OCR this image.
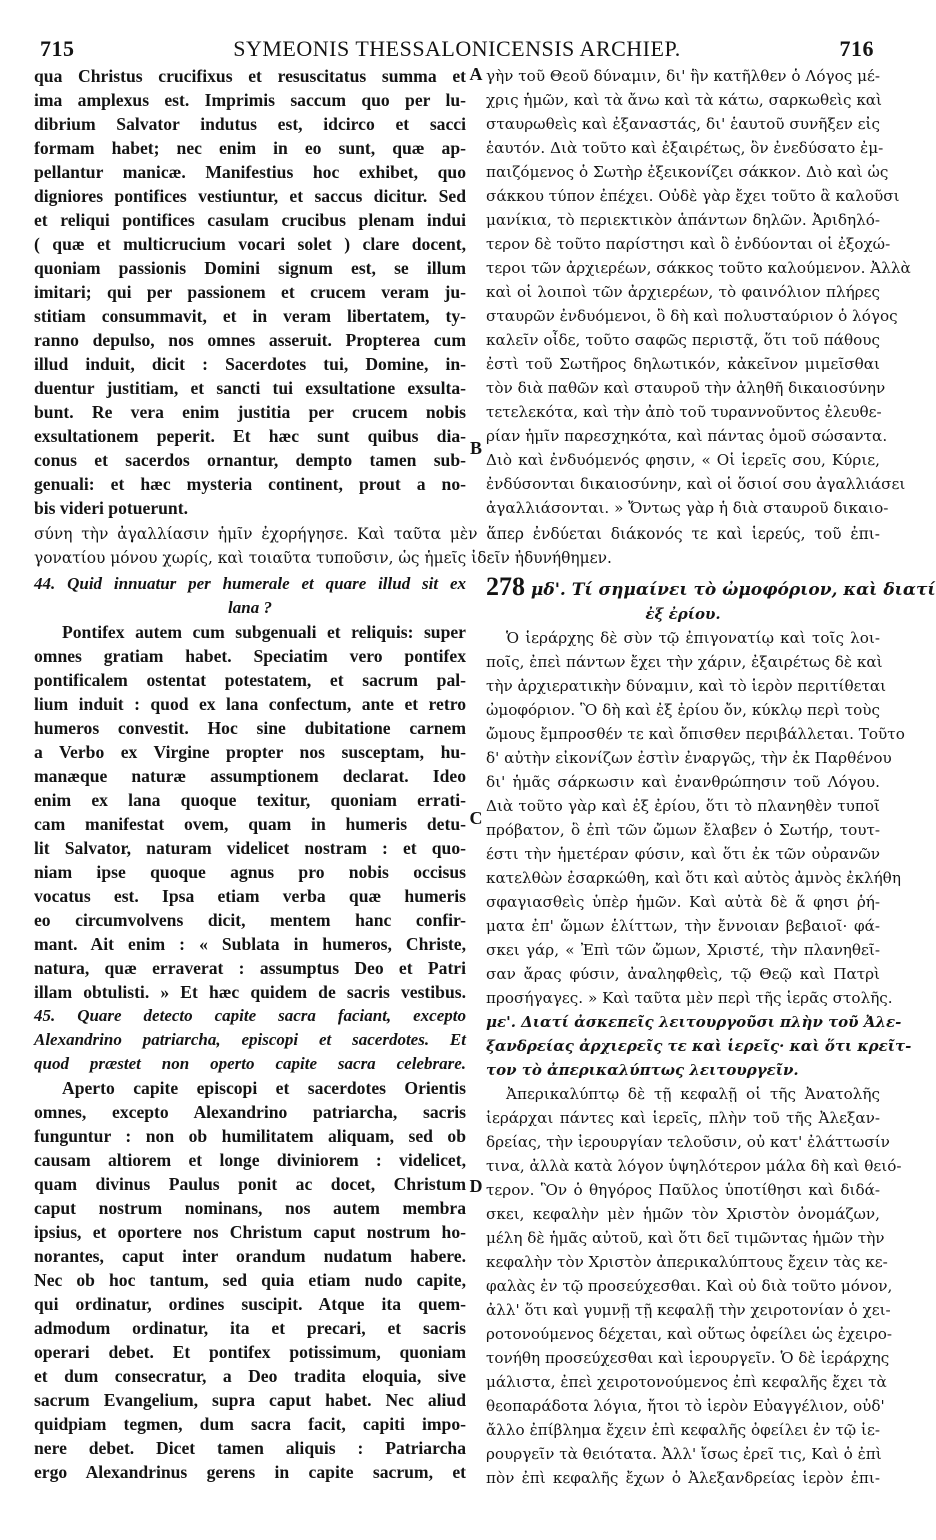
715	SYMEONIS THESSALONICENSIS ARCHIEP.	716
A
B
C
D
qua Christus crucifixus et resuscitatus summa et
ima amplexus est. Imprimis saccum quo per lu-
dibrium Salvator indutus est, idcirco et sacci
formam habet; nec enim in eo sunt, quæ ap-
pellantur manicæ. Manifestius hoc exhibet, quo
digniores pontifices vestiuntur, et saccus dicitur. Sed
et reliqui pontifices casulam crucibus plenam indui
( quæ et multicrucium vocari solet ) clare docent,
quoniam passionis Domini signum est, se illum
imitari; qui per passionem et crucem veram ju-
stitiam consummavit, et in veram libertatem, ty-
ranno depulso, nos omnes asseruit. Propterea cum
illud induit, dicit : Sacerdotes tui, Domine, in-
duentur justitiam, et sancti tui exsultatione exsulta-
bunt. Re vera enim justitia per crucem nobis
exsultationem peperit. Et hæc sunt quibus dia-
conus et sacerdos ornantur, dempto tamen sub-
genuali: et hæc mysteria continent, prout a no-
bis videri potuerunt.
γὴν τοῦ Θεοῦ δύναμιν, δι' ἣν κατῆλθεν ὁ Λόγος μέ-
χρις ἡμῶν, καὶ τὰ ἄνω καὶ τὰ κάτω, σαρκωθεὶς καὶ
σταυρωθεὶς καὶ ἐξαναστάς, δι' ἑαυτοῦ συνῆξεν εἰς
ἑαυτόν. Διὰ τοῦτο καὶ ἐξαιρέτως, ὃν ἐνεδύσατο ἐμ-
παιζόμενος ὁ Σωτὴρ ἐξεικονίζει σάκκον. Διὸ καὶ ὡς
σάκκου τύπον ἐπέχει. Οὐδὲ γὰρ ἔχει τοῦτο ἃ καλοῦσι
μανίκια, τὸ περιεκτικὸν ἁπάντων δηλῶν. Ἀριδηλό-
τερον δὲ τοῦτο παρίστησι καὶ ὃ ἐνδύονται οἱ ἐξοχώ-
τεροι τῶν ἀρχιερέων, σάκκος τοῦτο καλούμενον. Ἀλλὰ
καὶ οἱ λοιποὶ τῶν ἀρχιερέων, τὸ φαινόλιον πλήρες
σταυρῶν ἐνδυόμενοι, ὃ δὴ καὶ πολυσταύριον ὁ λόγος
καλεῖν οἶδε, τοῦτο σαφῶς περιστᾷ, ὅτι τοῦ πάθους
ἐστὶ τοῦ Σωτῆρος δηλωτικόν, κἀκεῖνον μιμεῖσθαι
τὸν διὰ παθῶν καὶ σταυροῦ τὴν ἀληθῆ δικαιοσύνην
τετελεκότα, καὶ τὴν ἀπὸ τοῦ τυραννοῦντος ἐλευθε-
ρίαν ἡμῖν παρεσχηκότα, καὶ πάντας ὁμοῦ σώσαντα.
Διὸ καὶ ἐνδυόμενός φησιν, « Οἱ ἱερεῖς σου, Κύριε,
ἐνδύσονται δικαιοσύνην, καὶ οἱ ὅσιοί σου ἀγαλλιάσει
ἀγαλλιάσονται. » Ὄντως γὰρ ἡ διὰ σταυροῦ δικαιο-
σύνη τὴν ἀγαλλίασιν ἡμῖν ἐχορήγησε. Καὶ ταῦτα μὲν ἅπερ ἐνδύεται διάκονός τε καὶ ἱερεύς, τοῦ ἐπι-
γονατίου μόνου χωρίς, καὶ τοιαῦτα τυποῦσιν, ὡς ἡμεῖς ἰδεῖν ἠδυνήθημεν.
44. Quid innuatur per humerale et quare illud sit ex
lana ?
Pontifex autem cum subgenuali et reliquis: super
omnes gratiam habet. Speciatim vero pontifex
pontificalem ostentat potestatem, et sacrum pal-
lium induit : quod ex lana confectum, ante et retro
humeros convestit. Hoc sine dubitatione carnem
a Verbo ex Virgine propter nos susceptam, hu-
manæque naturæ assumptionem declarat. Ideo
enim ex lana quoque texitur, quoniam errati-
cam manifestat ovem, quam in humeris detu-
lit Salvator, naturam videlicet nostram : et quo-
niam ipse quoque agnus pro nobis occisus
vocatus est. Ipsa etiam verba quæ humeris
eo circumvolvens dicit, mentem hanc confir-
mant. Ait enim : « Sublata in humeros, Christe,
natura, quæ erraverat : assumptus Deo et Patri
illam obtulisti. » Et hæc quidem de sacris vestibus.
45. Quare detecto capite sacra faciant, excepto
Alexandrino patriarcha, episcopi et sacerdotes. Et
quod præstet non operto capite sacra celebrare.
Aperto capite episcopi et sacerdotes Orientis
omnes, excepto Alexandrino patriarcha, sacris
funguntur : non ob humilitatem aliquam, sed ob
causam altiorem et longe diviniorem : videlicet,
quam divinus Paulus ponit ac docet, Christum
caput nostrum nominans, nos autem membra
ipsius, et oportere nos Christum caput nostrum ho-
norantes, caput inter orandum nudatum habere.
Nec ob hoc tantum, sed quia etiam nudo capite,
qui ordinatur, ordines suscipit. Atque ita quem-
admodum ordinatur, ita et precari, et sacris
operari debet. Et pontifex potissimum, quoniam
et dum consecratur, a Deo tradita eloquia, sive
sacrum Evangelium, supra caput habet. Nec aliud
quidpiam tegmen, dum sacra facit, capiti impo-
nere debet. Dicet tamen aliquis : Patriarcha
ergo Alexandrinus gerens in capite sacrum, et
278 μδ'. Τί σημαίνει τὸ ὠμοφόριον, καὶ διατί
ἐξ ἐρίου.
Ὁ ἱεράρχης δὲ σὺν τῷ ἐπιγονατίῳ καὶ τοῖς λοι-
ποῖς, ἐπεὶ πάντων ἔχει τὴν χάριν, ἐξαιρέτως δὲ καὶ
τὴν ἀρχιερατικὴν δύναμιν, καὶ τὸ ἱερὸν περιτίθεται
ὠμοφόριον. Ὃ δὴ καὶ ἐξ ἐρίου ὄν, κύκλῳ περὶ τοὺς
ὤμους ἔμπροσθέν τε καὶ ὄπισθεν περιβάλλεται. Τοῦτο
δ' αὐτὴν εἰκονίζων ἐστὶν ἐναργῶς, τὴν ἐκ Παρθένου
δι' ἡμᾶς σάρκωσιν καὶ ἐνανθρώπησιν τοῦ Λόγου.
Διὰ τοῦτο γὰρ καὶ ἐξ ἐρίου, ὅτι τὸ πλανηθὲν τυποῖ
πρόβατον, ὃ ἐπὶ τῶν ὤμων ἔλαβεν ὁ Σωτήρ, τουτ-
έστι τὴν ἡμετέραν φύσιν, καὶ ὅτι ἐκ τῶν οὐρανῶν
κατελθὼν ἐσαρκώθη, καὶ ὅτι καὶ αὐτὸς ἀμνὸς ἐκλήθη
σφαγιασθεὶς ὑπὲρ ἡμῶν. Καὶ αὐτὰ δὲ ἅ φησι ῥή-
ματα ἐπ' ὤμων ἑλίττων, τὴν ἔννοιαν βεβαιοῖ· φά-
σκει γάρ, « Ἐπὶ τῶν ὤμων, Χριστέ, τὴν πλανηθεῖ-
σαν ἄρας φύσιν, ἀναληφθεὶς, τῷ Θεῷ καὶ Πατρὶ
προσήγαγες. » Καὶ ταῦτα μὲν περὶ τῆς ἱερᾶς στολῆς.
με'. Διατί ἀσκεπεῖς λειτουργοῦσι πλὴν τοῦ Ἀλε-
ξανδρείας ἀρχιερεῖς τε καὶ ἱερεῖς· καὶ ὅτι κρεῖτ-
τον τὸ ἀπερικαλύπτως λειτουργεῖν.
Ἀπερικαλύπτῳ δὲ τῇ κεφαλῇ οἱ τῆς Ἀνατολῆς
ἱεράρχαι πάντες καὶ ἱερεῖς, πλὴν τοῦ τῆς Ἀλεξαν-
δρείας, τὴν ἱερουργίαν τελοῦσιν, οὐ κατ' ἐλάττωσίν
τινα, ἀλλὰ κατὰ λόγον ὑψηλότερον μάλα δὴ καὶ θειό-
τερον. Ὃν ὁ θηγόρος Παῦλος ὑποτίθησι καὶ διδά-
σκει, κεφαλὴν μὲν ἡμῶν τὸν Χριστὸν ὀνομάζων,
μέλη δὲ ἡμᾶς αὐτοῦ, καὶ ὅτι δεῖ τιμῶντας ἡμῶν τὴν
κεφαλὴν τὸν Χριστὸν ἀπερικαλύπτους ἔχειν τὰς κε-
φαλὰς ἐν τῷ προσεύχεσθαι. Καὶ οὐ διὰ τοῦτο μόνον,
ἀλλ' ὅτι καὶ γυμνῇ τῇ κεφαλῇ τὴν χειροτονίαν ὁ χει-
ροτονούμενος δέχεται, καὶ οὕτως ὀφείλει ὡς ἐχειρο-
τονήθη προσεύχεσθαι καὶ ἱερουργεῖν. Ὁ δὲ ἱεράρχης
μάλιστα, ἐπεὶ χειροτονούμενος ἐπὶ κεφαλῆς ἔχει τὰ
θεοπαράδοτα λόγια, ἤτοι τὸ ἱερὸν Εὐαγγέλιον, οὐδ'
ἄλλο ἐπίβλημα ἔχειν ἐπὶ κεφαλῆς ὀφείλει ἐν τῷ ἱε-
ρουργεῖν τὰ θειότατα. Ἀλλ' ἴσως ἐρεῖ τις, Καὶ ὁ ἐπὶ
πὸν ἐπὶ κεφαλῆς ἔχων ὁ Ἀλεξανδρείας ἱερὸν ἐπι-
